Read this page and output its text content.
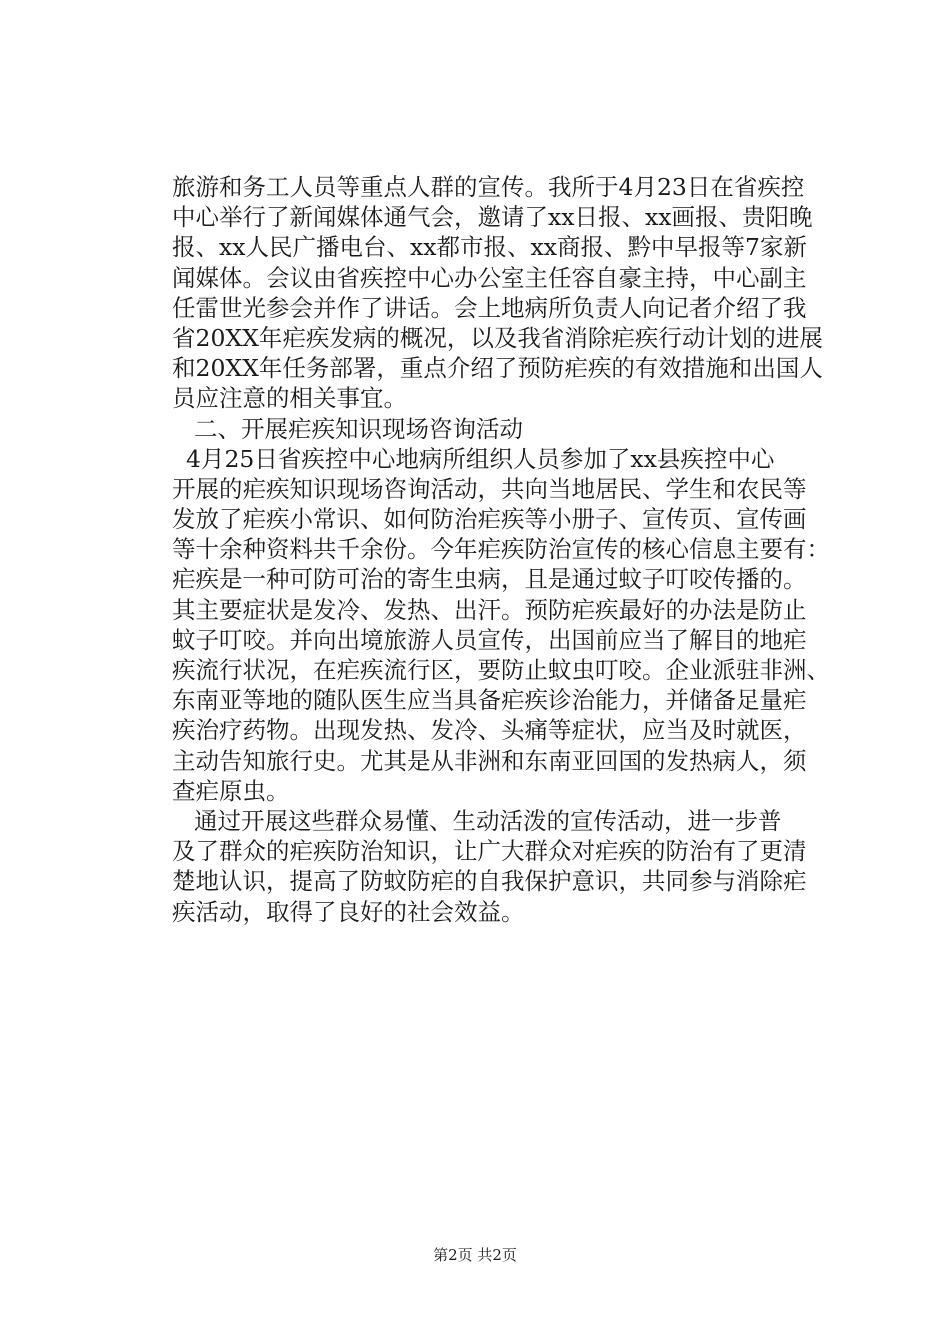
旅游和务工人员等重点人群的宣传。我所于4月23日在省疾控
中心举行了新闻媒体通气会，邀请了xx日报、xx画报、贵阳晚
报、xx人民广播电台、xx都市报、xx商报、黔中早报等7家新
闻媒体。会议由省疾控中心办公室主任容自豪主持，中心副主
任雷世光参会并作了讲话。会上地病所负责人向记者介绍了我
省20XX年疟疾发病的概况，以及我省消除疟疾行动计划的进展
和20XX年任务部署，重点介绍了预防疟疾的有效措施和出国人
员应注意的相关事宜。
二、开展疟疾知识现场咨询活动
4月25日省疾控中心地病所组织人员参加了xx县疾控中心
开展的疟疾知识现场咨询活动，共向当地居民、学生和农民等
发放了疟疾小常识、如何防治疟疾等小册子、宣传页、宣传画
等十余种资料共千余份。今年疟疾防治宣传的核心信息主要有：
疟疾是一种可防可治的寄生虫病，且是通过蚊子叮咬传播的。
其主要症状是发冷、发热、出汗。预防疟疾最好的办法是防止
蚊子叮咬。并向出境旅游人员宣传，出国前应当了解目的地疟
疾流行状况，在疟疾流行区，要防止蚊虫叮咬。企业派驻非洲、
东南亚等地的随队医生应当具备疟疾诊治能力，并储备足量疟
疾治疗药物。出现发热、发冷、头痛等症状，应当及时就医，
主动告知旅行史。尤其是从非洲和东南亚回国的发热病人，须
查疟原虫。
通过开展这些群众易懂、生动活泼的宣传活动，进一步普
及了群众的疟疾防治知识，让广大群众对疟疾的防治有了更清
楚地认识，提高了防蚊防疟的自我保护意识，共同参与消除疟
疾活动，取得了良好的社会效益。
第2页 共2页
